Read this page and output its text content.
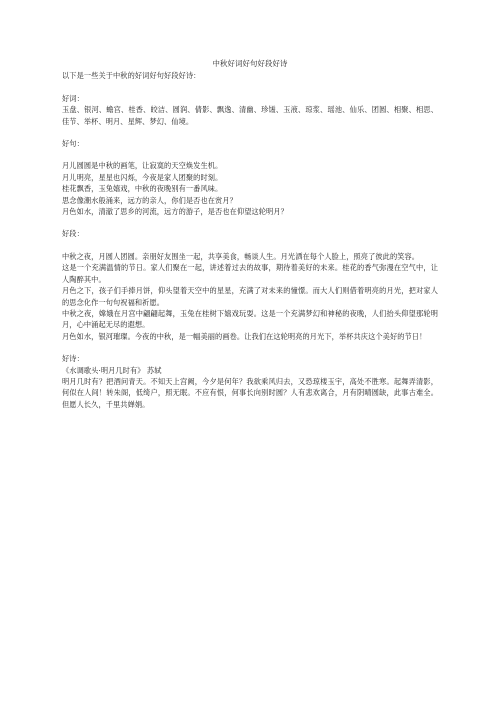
中秋好词好句好段好诗
以下是一些关于中秋的好词好句好段好诗：
好词：
玉盘、银河、蟾宫、桂香、皎洁、圆润、倩影、飘逸、清幽、珍馐、玉液、琼浆、瑶池、仙乐、团圆、相聚、相思、佳节、举杯、明月、星辉、梦幻、仙境。
好句：
月儿圆圆是中秋的画笔，让寂寞的天空焕发生机。
月儿明亮，星星也闪烁，今夜是家人团聚的时刻。
桂花飘香，玉兔嬉戏，中秋的夜晚别有一番风味。
思念像潮水般涌来，远方的亲人，你们是否也在赏月？
月色如水，清澈了思乡的河流，远方的游子，是否也在仰望这轮明月？
好段：
中秋之夜，月圆人团圆。亲朋好友围坐一起，共享美食，畅谈人生。月光洒在每个人脸上，照亮了彼此的笑容。
这是一个充满温情的节日。家人们聚在一起，讲述着过去的故事，期待着美好的未来。桂花的香气弥漫在空气中，让人陶醉其中。
月色之下，孩子们手捧月饼，仰头望着天空中的星星，充满了对未来的憧憬。而大人们则借着明亮的月光，把对家人的思念化作一句句祝福和祈愿。
中秋之夜，嫦娥在月宫中翩翩起舞，玉兔在桂树下嬉戏玩耍。这是一个充满梦幻和神秘的夜晚，人们抬头仰望那轮明月，心中涌起无尽的遐想。
月色如水，银河璀璨。今夜的中秋，是一幅美丽的画卷。让我们在这轮明亮的月光下，举杯共庆这个美好的节日！
好诗：
《水调歌头·明月几时有》 苏轼
明月几时有？把酒问青天。不知天上宫阙，今夕是何年？我欲乘风归去，又恐琼楼玉宇，高处不胜寒。起舞弄清影，何似在人间！转朱阁，低绮户，照无眠。不应有恨，何事长向别时圆？人有悲欢离合，月有阴晴圆缺，此事古难全。但愿人长久，千里共婵娟。
